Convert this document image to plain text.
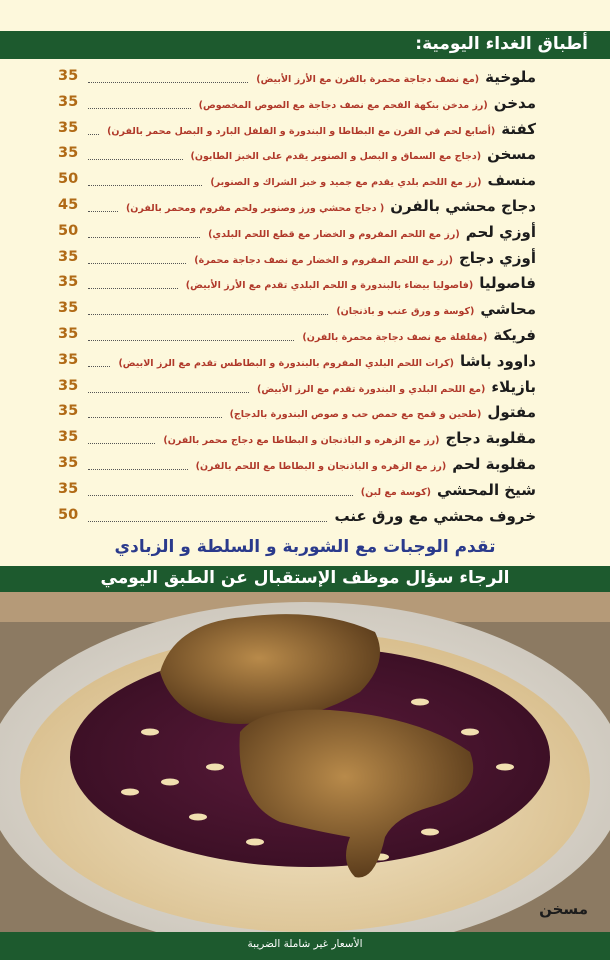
أطباق الغداء اليومية:
35	ملوخية(مع نصف دجاجة محمرة بالفرن مع الأرز الأبيض)
35	مدخن(رز مدخن بنكهة الفحم مع نصف دجاجة مع الصوص المخصوص)
35	كفتة(أصابع لحم في الفرن مع البطاطا و البندورة و الفلفل البارد و البصل محمر بالفرن)
35	مسخن(دجاج مع السماق و البصل و الصنوبر يقدم على الخبز الطابون)
50	منسف(رز مع اللحم بلدي يقدم مع جميد و خبز الشراك و الصنوبر)
45	دجاج محشي بالفرن( دجاج محشي ورز وصنوبر ولحم مفروم ومحمر بالفرن)
50	أوزي لحم(رز مع اللحم المفروم و الخضار مع قطع اللحم البلدي)
35	أوزي دجاج(رز مع اللحم المفروم و الخضار مع نصف دجاجة محمرة)
35	فاصوليا(فاصوليا بيضاء بالبندورة و اللحم البلدي تقدم مع الأرز الأبيض)
35	محاشي(كوسة و ورق عنب و باذنجان)
35	فريكة(مفلفلة مع نصف دجاجة محمرة بالفرن)
35	داوود باشا(كرات اللحم البلدي المفروم بالبندورة و البطاطس تقدم مع الرز الابيض)
35	بازيلاء(مع اللحم البلدي و البندورة تقدم مع الرز الأبيض)
35	مفتول(طحين و قمح مع حمص حب و صوص البندورة بالدجاج)
35	مقلوبة دجاج(رز مع الزهره و الباذنجان و البطاطا مع دجاج محمر بالفرن)
35	مقلوبة لحم(رز مع الزهره و الباذنجان و البطاطا مع اللحم بالفرن)
35	شيخ المحشي(كوسة مع لبن)
50	خروف محشي مع ورق عنب
تقدم الوجبات مع الشوربة و السلطة و الزبادي
الرجاء سؤال موظف الإستقبال عن الطبق اليومي
مسخن
الأسعار غير شاملة الضريبة
